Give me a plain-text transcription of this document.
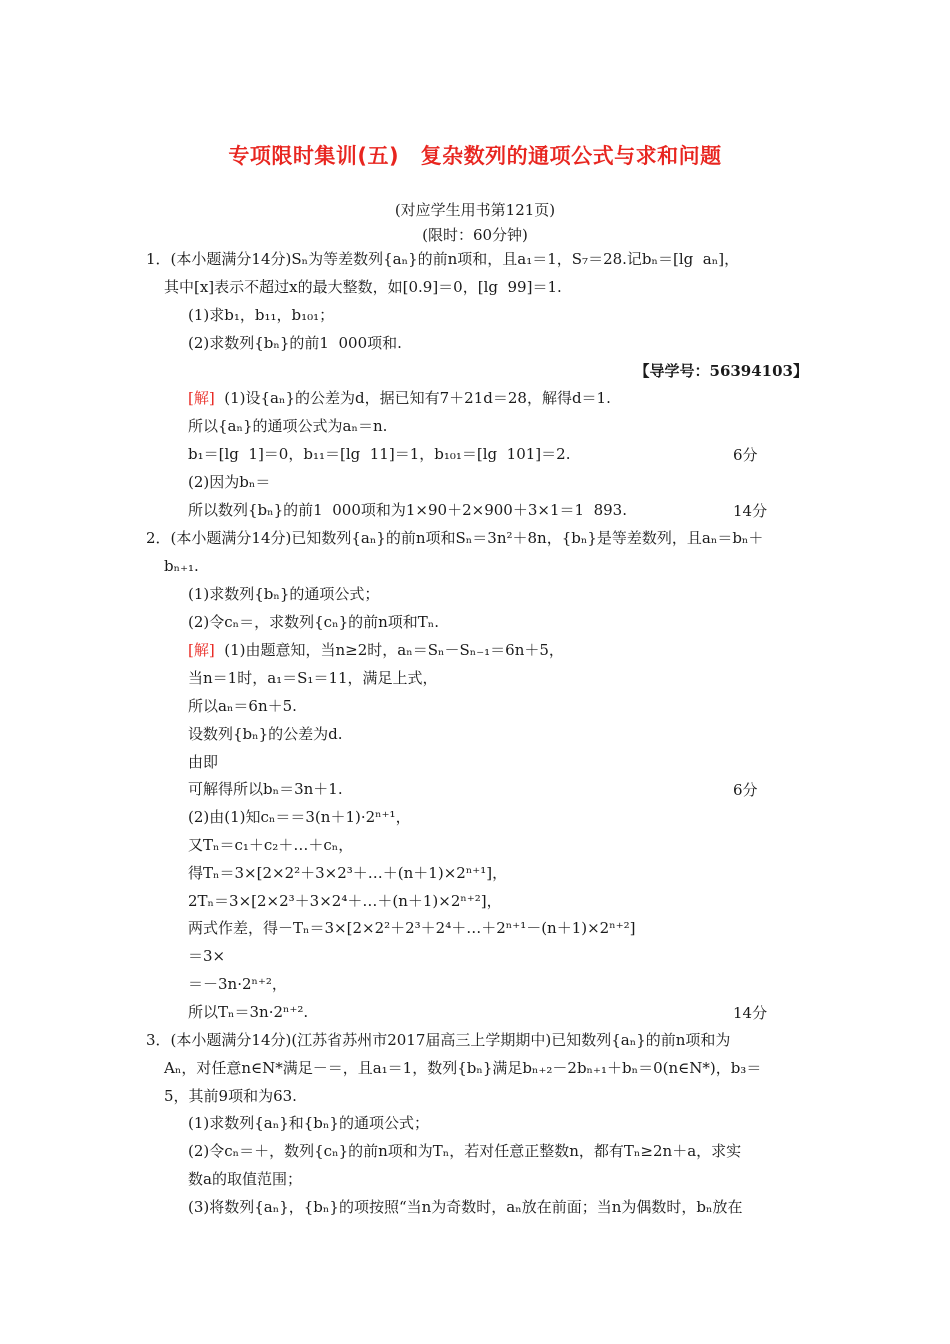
专项限时集训(五)　复杂数列的通项公式与求和问题
(对应学生用书第121页)
(限时：60分钟)
1．(本小题满分14分)Sₙ为等差数列{aₙ}的前n项和，且a₁＝1，S₇＝28.记bₙ＝[lg  aₙ]，
其中[x]表示不超过x的最大整数，如[0.9]＝0，[lg  99]＝1.
(1)求b₁，b₁₁，b₁₀₁；
(2)求数列{bₙ}的前1  000项和.
【导学号：56394103】
[解]  (1)设{aₙ}的公差为d，据已知有7＋21d＝28，解得d＝1.
所以{aₙ}的通项公式为aₙ＝n.
b₁＝[lg  1]＝0，b₁₁＝[lg  11]＝1，b₁₀₁＝[lg  101]＝2.	6分
(2)因为bₙ＝
所以数列{bₙ}的前1  000项和为1×90＋2×900＋3×1＝1  893.	14分
2．(本小题满分14分)已知数列{aₙ}的前n项和Sₙ＝3n²＋8n，{bₙ}是等差数列，且aₙ＝bₙ＋
bₙ₊₁.
(1)求数列{bₙ}的通项公式；
(2)令cₙ＝，求数列{cₙ}的前n项和Tₙ.
[解]  (1)由题意知，当n≥2时，aₙ＝Sₙ－Sₙ₋₁＝6n＋5，
当n＝1时，a₁＝S₁＝11，满足上式，
所以aₙ＝6n＋5.
设数列{bₙ}的公差为d.
由即
可解得所以bₙ＝3n＋1.	6分
(2)由(1)知cₙ＝＝3(n＋1)·2ⁿ⁺¹，
又Tₙ＝c₁＋c₂＋…＋cₙ，
得Tₙ＝3×[2×2²＋3×2³＋…＋(n＋1)×2ⁿ⁺¹]，
2Tₙ＝3×[2×2³＋3×2⁴＋…＋(n＋1)×2ⁿ⁺²]，
两式作差，得－Tₙ＝3×[2×2²＋2³＋2⁴＋…＋2ⁿ⁺¹－(n＋1)×2ⁿ⁺²]
＝3×
＝－3n·2ⁿ⁺²，
所以Tₙ＝3n·2ⁿ⁺².	14分
3．(本小题满分14分)(江苏省苏州市2017届高三上学期期中)已知数列{aₙ}的前n项和为
Aₙ，对任意n∈N*满足－＝，且a₁＝1，数列{bₙ}满足bₙ₊₂－2bₙ₊₁＋bₙ＝0(n∈N*)，b₃＝
5，其前9项和为63.
(1)求数列{aₙ}和{bₙ}的通项公式；
(2)令cₙ＝＋，数列{cₙ}的前n项和为Tₙ，若对任意正整数n，都有Tₙ≥2n＋a，求实
数a的取值范围；
(3)将数列{aₙ}，{bₙ}的项按照“当n为奇数时，aₙ放在前面；当n为偶数时，bₙ放在
